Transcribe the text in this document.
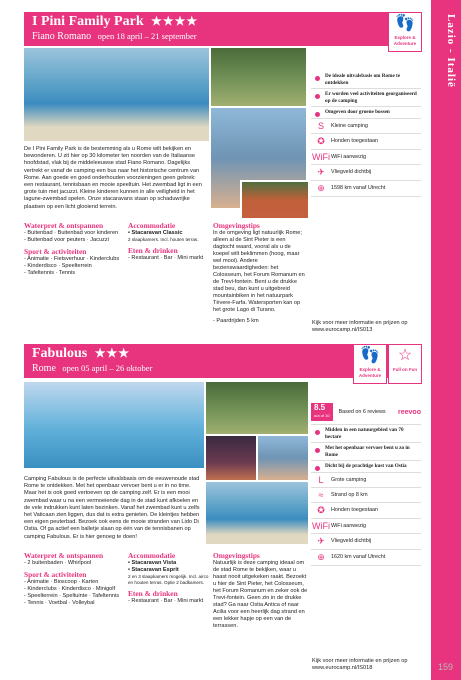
Lazio - Italië
159
I Pini Family Park ★★★★
Fiano Romano open 18 april – 21 september
👣
Explore & Adventure
De I Pini Family Park is de bestemming als u Rome wilt bekijken en bewonderen. U zit hier op 30 kilometer ten noorden van de Italiaanse hoofdstad, vlak bij de middeleeuwse stad Fiano Romano. Dagelijks vertrekt er vanaf de camping een bus naar het historische centrum van Rome. Aan goede en goed onderhouden voorzieningen geen gebrek: een restaurant, tennisbaan en mooie speeltuin. Het zwembad ligt in een grote tuin met jacuzzi. Kleine kinderen kunnen in alle veiligheid in het lagune-zwembad spelen. Onze stacaravans staan op schaduwrijke plaatsen op een licht glooiend terrein.
Waterpret & ontspannen
- Buitenbad · Buitenbad voor kinderen
- Buitenbad voor peuters · Jacuzzi
Sport & activiteiten
- Animatie · Fietsverhuur · Kinderclubs
- Kinderdisco · Speelterrein
- Tafeltennis · Tennis
Accommodatie
• Stacaravan Classic
2 slaapkamers. Incl. houten terras.
Eten & drinken
- Restaurant · Bar · Mini markt
Omgevingstips
In de omgeving ligt natuurlijk Rome; alleen al de Sint Pieter is een dagtocht waard, vooral als u de koepel wilt beklimmen (hoog, maar wel mooi). Andere bezienswaardigheden: het Colosseum, het Forum Romanum en de Trevi-fontein. Bent u de drukke stad beu, dan kunt u uitgebreid mountainbiken in het natuurpark Tèvere-Farfa. Watersporten kan op het grote Lago di Turano.
- Paardrijden 5 km
De ideale uitvalsbasis om Rome te ontdekken
Er worden veel activiteiten georganiseerd op de camping
Omgeven door groene bossen
S	Kleine camping
✪	Honden toegestaan
WiFi WiFi aanwezig
✈	Vliegveld dichtbij
⊕	1598 km vanaf Utrecht
Kijk voor meer informatie en prijzen op www.eurocamp.nl/IS013
Fabulous ★★★
Rome open 05 april – 26 oktober
👣
Explore & Adventure
☆
Full on Fun
Camping Fabulous is de perfecte uitvalsbasis om de eeuwenoude stad Rome te ontdekken. Met het openbaar vervoer bent u er in no time. Maar het is ook goed vertoeven op de camping zelf. Er is een mooi zwembad waar u na een vermoeiende dag in de stad kunt afkoelen en de vele indrukken kunt laten bezinken. Vanaf het zwembad kunt u zelfs het Vaticaan zien liggen, dus dat is extra genieten. De kleintjes hebben een eigen peuterbad. Bezoek ook eens de mooie stranden van Lido Di Ostia. Of ga actief een balletje slaan op één van de tennisbanen op camping Fabulous. Er is hier genoeg te doen!
Waterpret & ontspannen
- 2 buitenbaden · Whirlpool
Sport & activiteiten
- Animatie · Bioscoop · Karten
- Kinderclubs · Kinderdisco · Minigolf
- Speelterrein · Speltuinte · Tafeltennis
- Tennis · Voetbal · Volleybal
Accommodatie
• Stacaravan Vista
• Stacaravan Esprit
2 en 3 slaapkamers mogelijk. Incl. airco en houten terras. Optie 2 badkamers.
Eten & drinken
- Restaurant · Bar · Mini markt
Omgevingstips
Natuurlijk is deze camping ideaal om de stad Rome te bekijken, waar u haast nooit uitgekeken raakt. Bezoekt u hier de Sint Pieter, het Colosseum, het Forum Romanum en zeker ook de Trevi-fontein. Geen zin in de drukke stad? Ga naar Ostia Antica of naar Acilia voor een heerlijk dag strand en een lekker hapje op een van de terrassen.
8.5
out of 10
Based on 6 reviews reevoo
Midden in een natuurgebied van 70 hectare
Met het openbaar vervoer bent u zo in Rome
Dicht bij de prachtige kust van Ostia
L	Grote camping
≈	Strand op 8 km
✪	Honden toegestaan
WiFi WiFi aanwezig
✈	Vliegveld dichtbij
⊕	1620 km vanaf Utrecht
Kijk voor meer informatie en prijzen op www.eurocamp.nl/IS018
